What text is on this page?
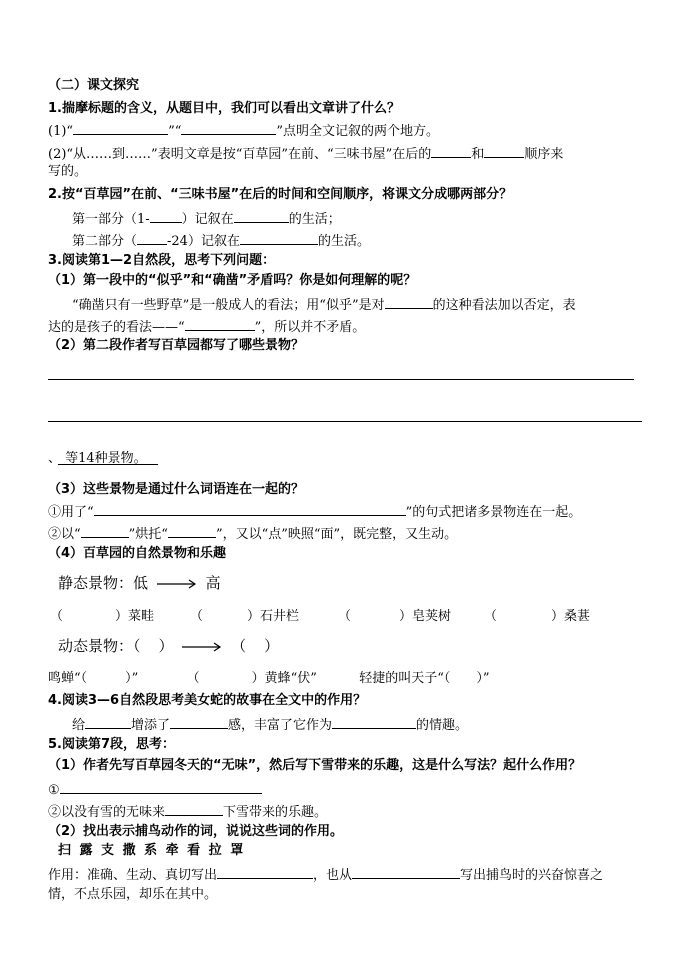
（二）课文探究
1.揣摩标题的含义，从题目中，我们可以看出文章讲了什么？
(1)“	”“	”点明全文记叙的两个地方。
(2)“从……到……”表明文章是按“百草园”在前、“三味书屋”在后的	和	顺序来
写的。
2.按“百草园”在前、“三味书屋”在后的时间和空间顺序，将课文分成哪两部分？
第一部分（1- ）记叙在	的生活；
第二部分（ -24）记叙在	的生活。
3.阅读第1—2自然段，思考下列问题：
（1）第一段中的“似乎”和“确凿”矛盾吗？你是如何理解的呢？
“确凿只有一些野草”是一般成人的看法；用“似乎”是对	的这种看法加以否定，表
达的是孩子的看法——“	”，所以并不矛盾。
（2）第二段作者写百草园都写了哪些景物？
、 等14种景物。
（3）这些景物是通过什么词语连在一起的？
①用了“	”的句式把诸多景物连在一起。
②以“	”烘托“	”，又以“点”映照“面”，既完整，又生动。
（4）百草园的自然景物和乐趣
静态景物：低	高
（	）菜畦	（	）石井栏	（	）皂荚树	（	）桑葚
动态景物：（ ）	（ ）
鸣蝉“（	）”	（	）黄蜂“伏”	轻捷的叫天子“（ ）”
4.阅读3—6自然段思考美女蛇的故事在全文中的作用？
给	增添了	感，丰富了它作为	的情趣。
5.阅读第7段，思考：
（1）作者先写百草园冬天的“无味”，然后写下雪带来的乐趣，这是什么写法？起什么作用？
①
②以没有雪的无味来	下雪带来的乐趣。
（2）找出表示捕鸟动作的词，说说这些词的作用。
扫 露 支 撒 系 牵 看 拉 罩
作用：准确、生动、真切写出	，也从	写出捕鸟时的兴奋惊喜之
情，不点乐园，却乐在其中。
